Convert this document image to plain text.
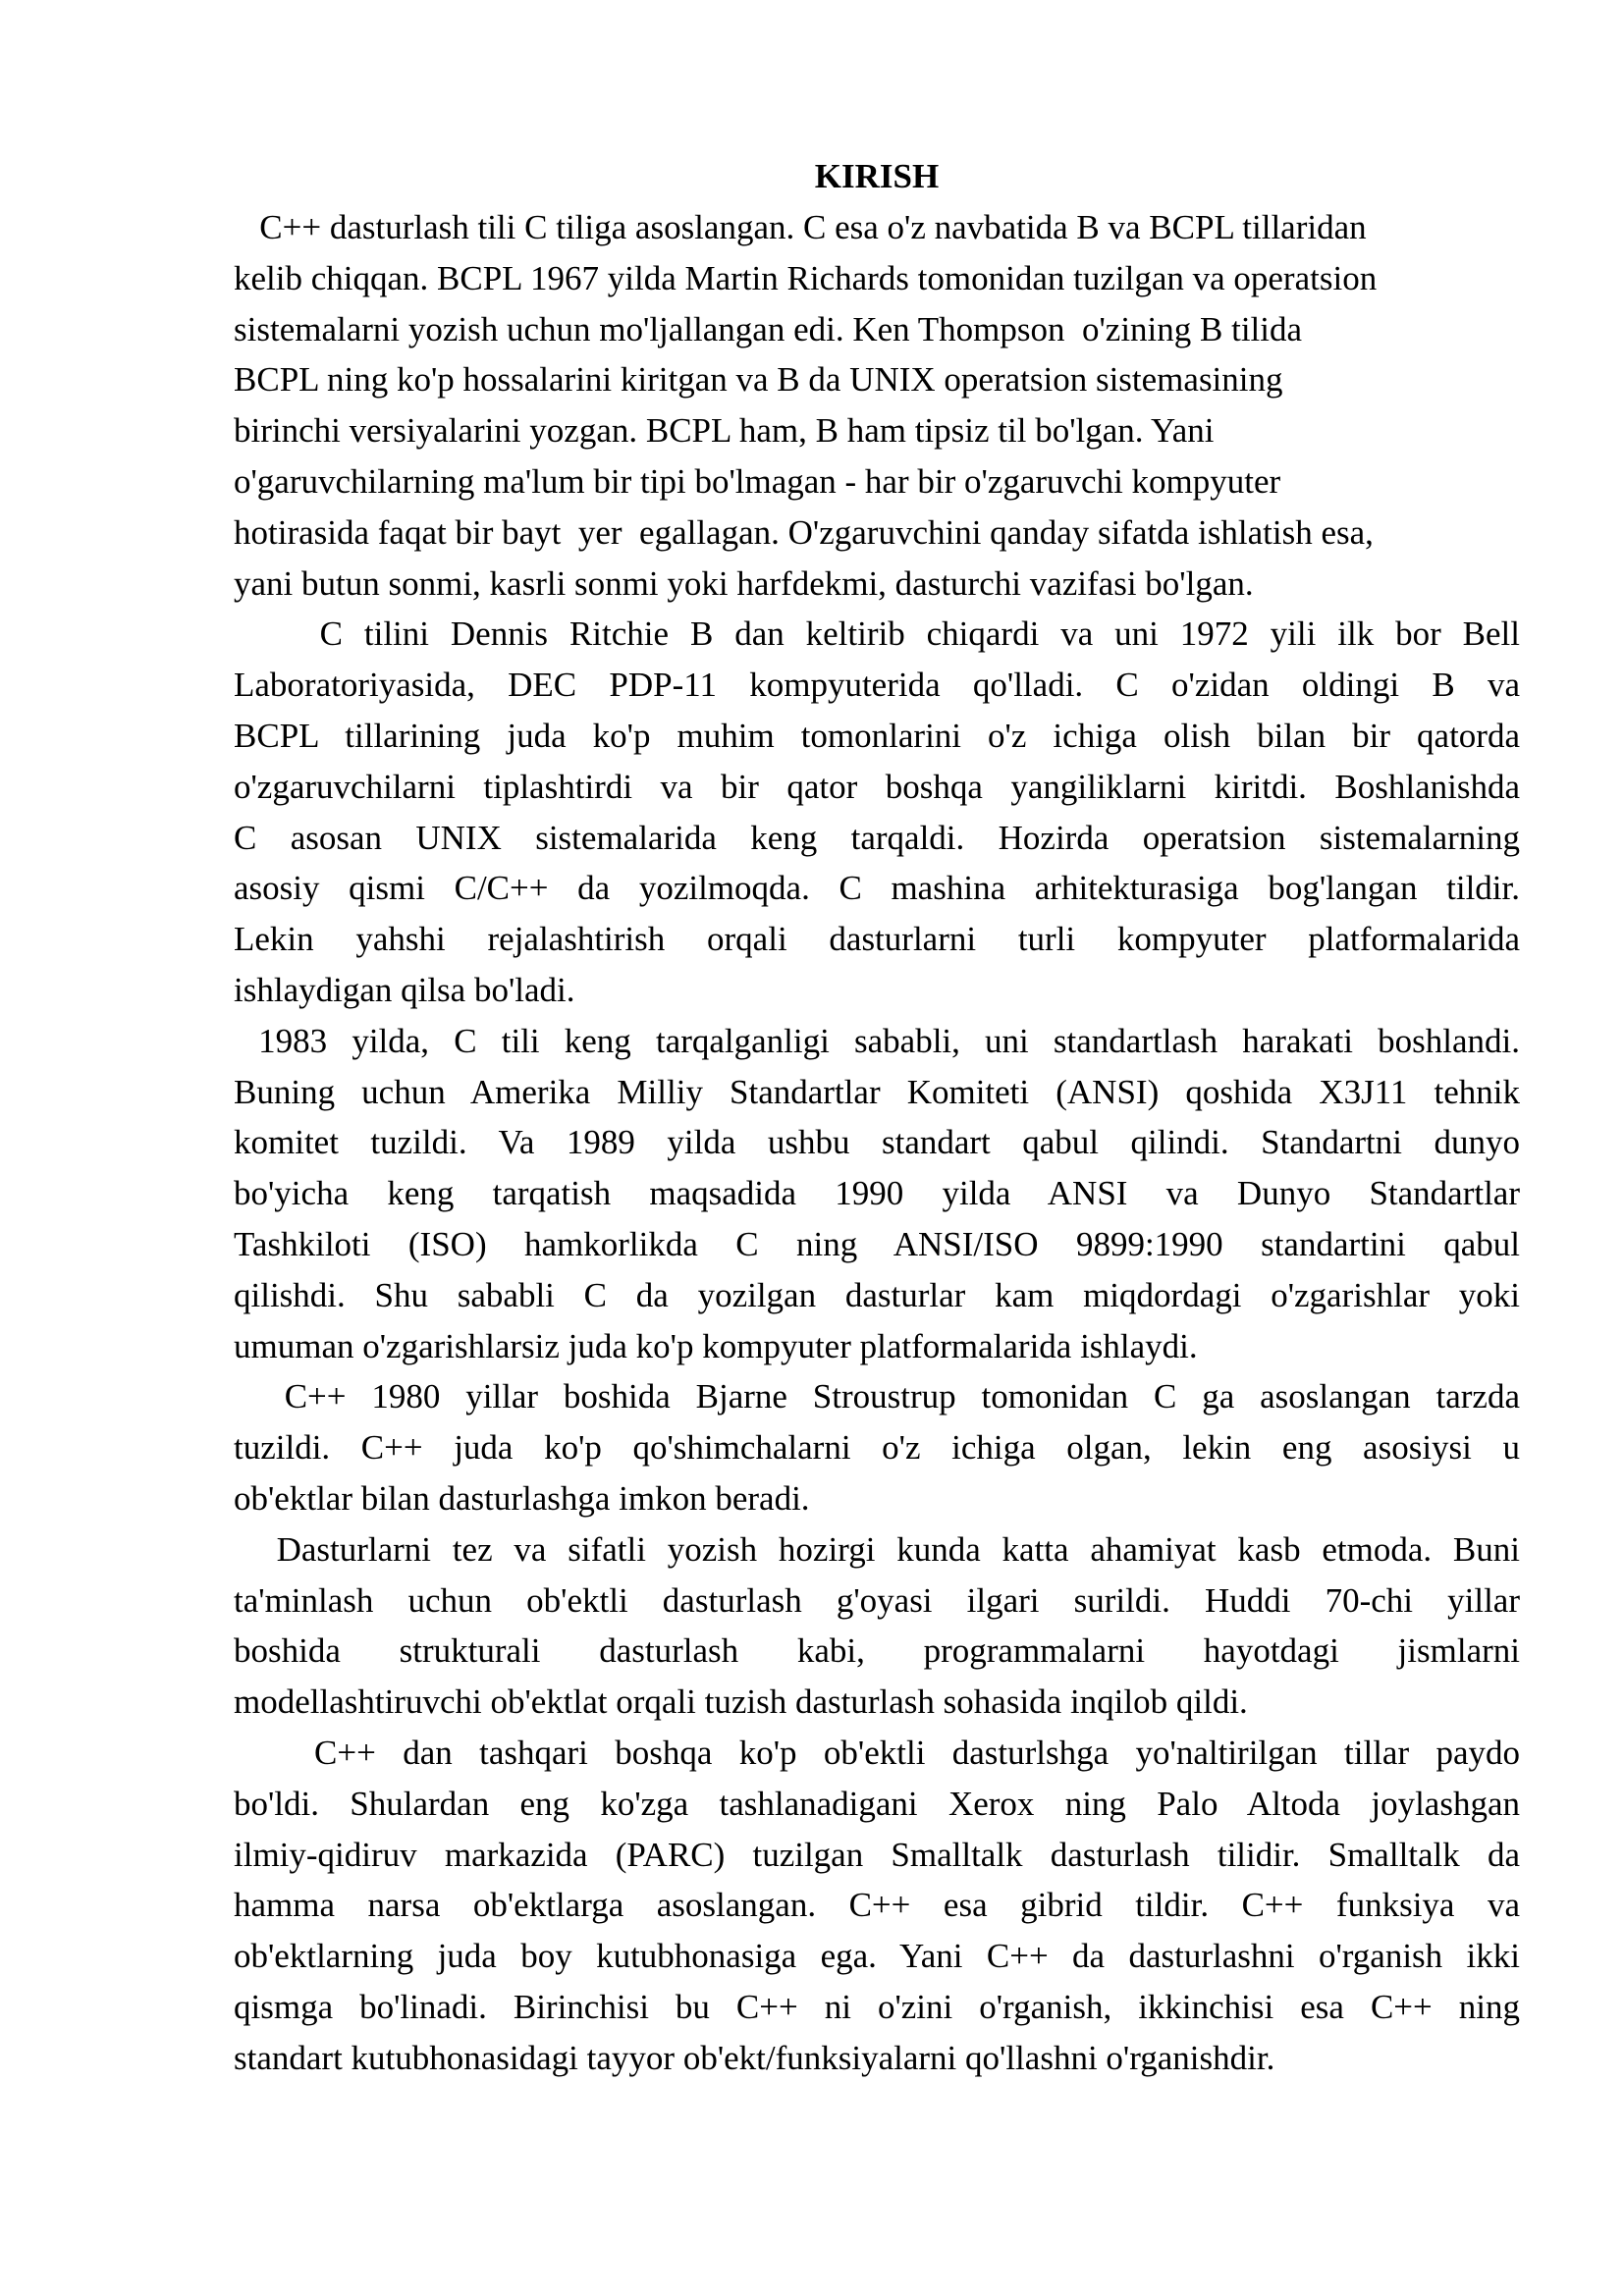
KIRISH
C++ dasturlash tili C tiliga asoslangan. C esa o'z navbatida B va BCPL tillaridan
kelib chiqqan. BCPL 1967 yilda Martin Richards tomonidan tuzilgan va operatsion
sistemalarni yozish uchun mo'ljallangan edi. Ken Thompson  o'zining B tilida
BCPL ning ko'p hossalarini kiritgan va B da UNIX operatsion sistemasining
birinchi versiyalarini yozgan. BCPL ham, B ham tipsiz til bo'lgan. Yani
o'garuvchilarning ma'lum bir tipi bo'lmagan - har bir o'zgaruvchi kompyuter
hotirasida faqat bir bayt  yer  egallagan. O'zgaruvchini qanday sifatda ishlatish esa,
yani butun sonmi, kasrli sonmi yoki harfdekmi, dasturchi vazifasi bo'lgan.
C tilini Dennis Ritchie B dan keltirib chiqardi va uni 1972 yili ilk bor Bell
Laboratoriyasida, DEC PDP-11 kompyuterida qo'lladi. C o'zidan oldingi B va
BCPL tillarining juda ko'p muhim tomonlarini o'z ichiga olish bilan bir qatorda
o'zgaruvchilarni tiplashtirdi va bir qator boshqa yangiliklarni kiritdi. Boshlanishda
C asosan UNIX sistemalarida keng tarqaldi. Hozirda operatsion sistemalarning
asosiy qismi C/C++ da yozilmoqda. C mashina arhitekturasiga bog'langan tildir.
Lekin yahshi rejalashtirish orqali dasturlarni turli kompyuter platformalarida
ishlaydigan qilsa bo'ladi.
1983 yilda, C tili keng tarqalganligi sababli, uni standartlash harakati boshlandi.
Buning uchun Amerika Milliy Standartlar Komiteti (ANSI) qoshida X3J11 tehnik
komitet tuzildi. Va 1989 yilda ushbu standart qabul qilindi. Standartni dunyo
bo'yicha keng tarqatish maqsadida 1990 yilda ANSI va Dunyo Standartlar
Tashkiloti (ISO) hamkorlikda C ning ANSI/ISO 9899:1990 standartini qabul
qilishdi. Shu sababli C da yozilgan dasturlar kam miqdordagi o'zgarishlar yoki
umuman o'zgarishlarsiz juda ko'p kompyuter platformalarida ishlaydi.
C++ 1980 yillar boshida Bjarne Stroustrup tomonidan C ga asoslangan tarzda
tuzildi. C++ juda ko'p qo'shimchalarni o'z ichiga olgan, lekin eng asosiysi u
ob'ektlar bilan dasturlashga imkon beradi.
Dasturlarni tez va sifatli yozish hozirgi kunda katta ahamiyat kasb etmoda. Buni
ta'minlash uchun ob'ektli dasturlash g'oyasi ilgari surildi. Huddi 70-chi yillar
boshida strukturali dasturlash kabi, programmalarni hayotdagi jismlarni
modellashtiruvchi ob'ektlat orqali tuzish dasturlash sohasida inqilob qildi.
C++ dan tashqari boshqa ko'p ob'ektli dasturlshga yo'naltirilgan tillar paydo
bo'ldi. Shulardan eng ko'zga tashlanadigani Xerox ning Palo Altoda joylashgan
ilmiy-qidiruv markazida (PARC) tuzilgan Smalltalk dasturlash tilidir. Smalltalk da
hamma narsa ob'ektlarga asoslangan. C++ esa gibrid tildir. C++ funksiya va
ob'ektlarning juda boy kutubhonasiga ega. Yani C++ da dasturlashni o'rganish ikki
qismga bo'linadi. Birinchisi bu C++ ni o'zini o'rganish, ikkinchisi esa C++ ning
standart kutubhonasidagi tayyor ob'ekt/funksiyalarni qo'llashni o'rganishdir.
